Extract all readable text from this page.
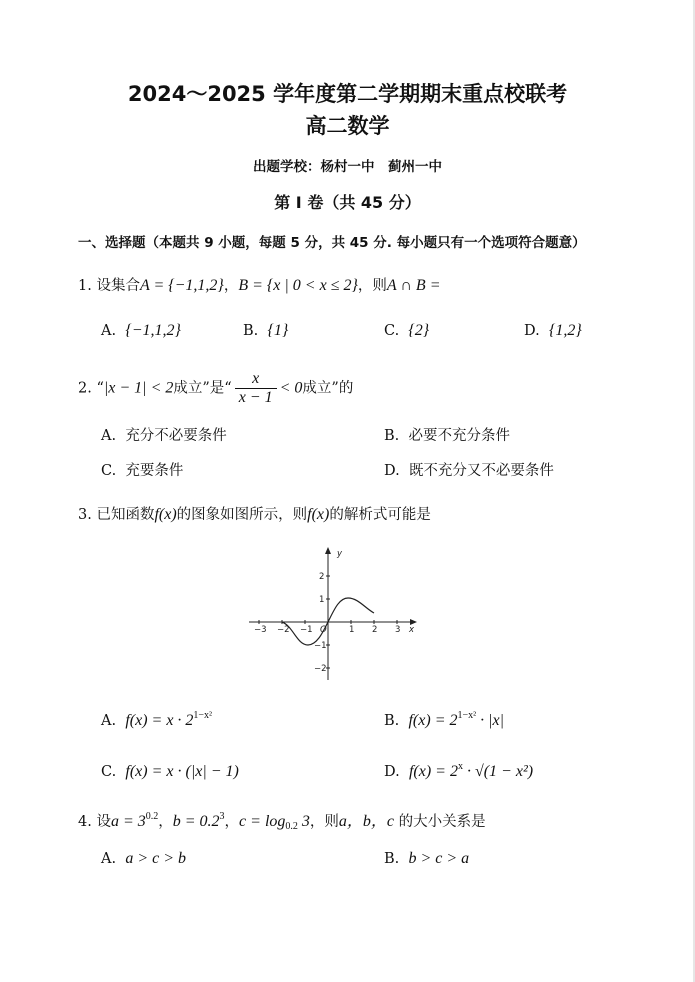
2024～2025 学年度第二学期期末重点校联考
高二数学
出题学校：杨村一中　蓟州一中
第 Ⅰ 卷（共 45 分）
一、选择题（本题共 9 小题，每题 5 分，共 45 分. 每小题只有一个选项符合题意）
1. 设集合A = {−1,1,2}，B = {x | 0 < x ≤ 2}，则A ∩ B =
A. {−1,1,2}	B. {1}	C. {2}	D. {1,2}
2. “|x − 1| < 2成立”是“ $\frac{x}{x - 1} < 0$成立”的
A. 充分不必要条件	B. 必要不充分条件
C. 充要条件	D. 既不充分又不必要条件
3. 已知函数f(x)的图象如图所示，则f(x)的解析式可能是
y
x
O
−3 −2 −1	1 2 3
2
1
−1
−2
A. $f(x) = x \cdot 2^{1-x^2}$	B. $f(x) = 2^{1-x^2} \cdot |x|$
C. f(x) = x · (|x| − 1)	D. $f(x) = 2^x \cdot √(1 - x^2)$
4. 设$a = 3^{0.2}$，$b = 0.2^3$，$c = \log_{0.2} 3$，则a，b，c 的大小关系是
A. a > c > b	B. b > c > a
